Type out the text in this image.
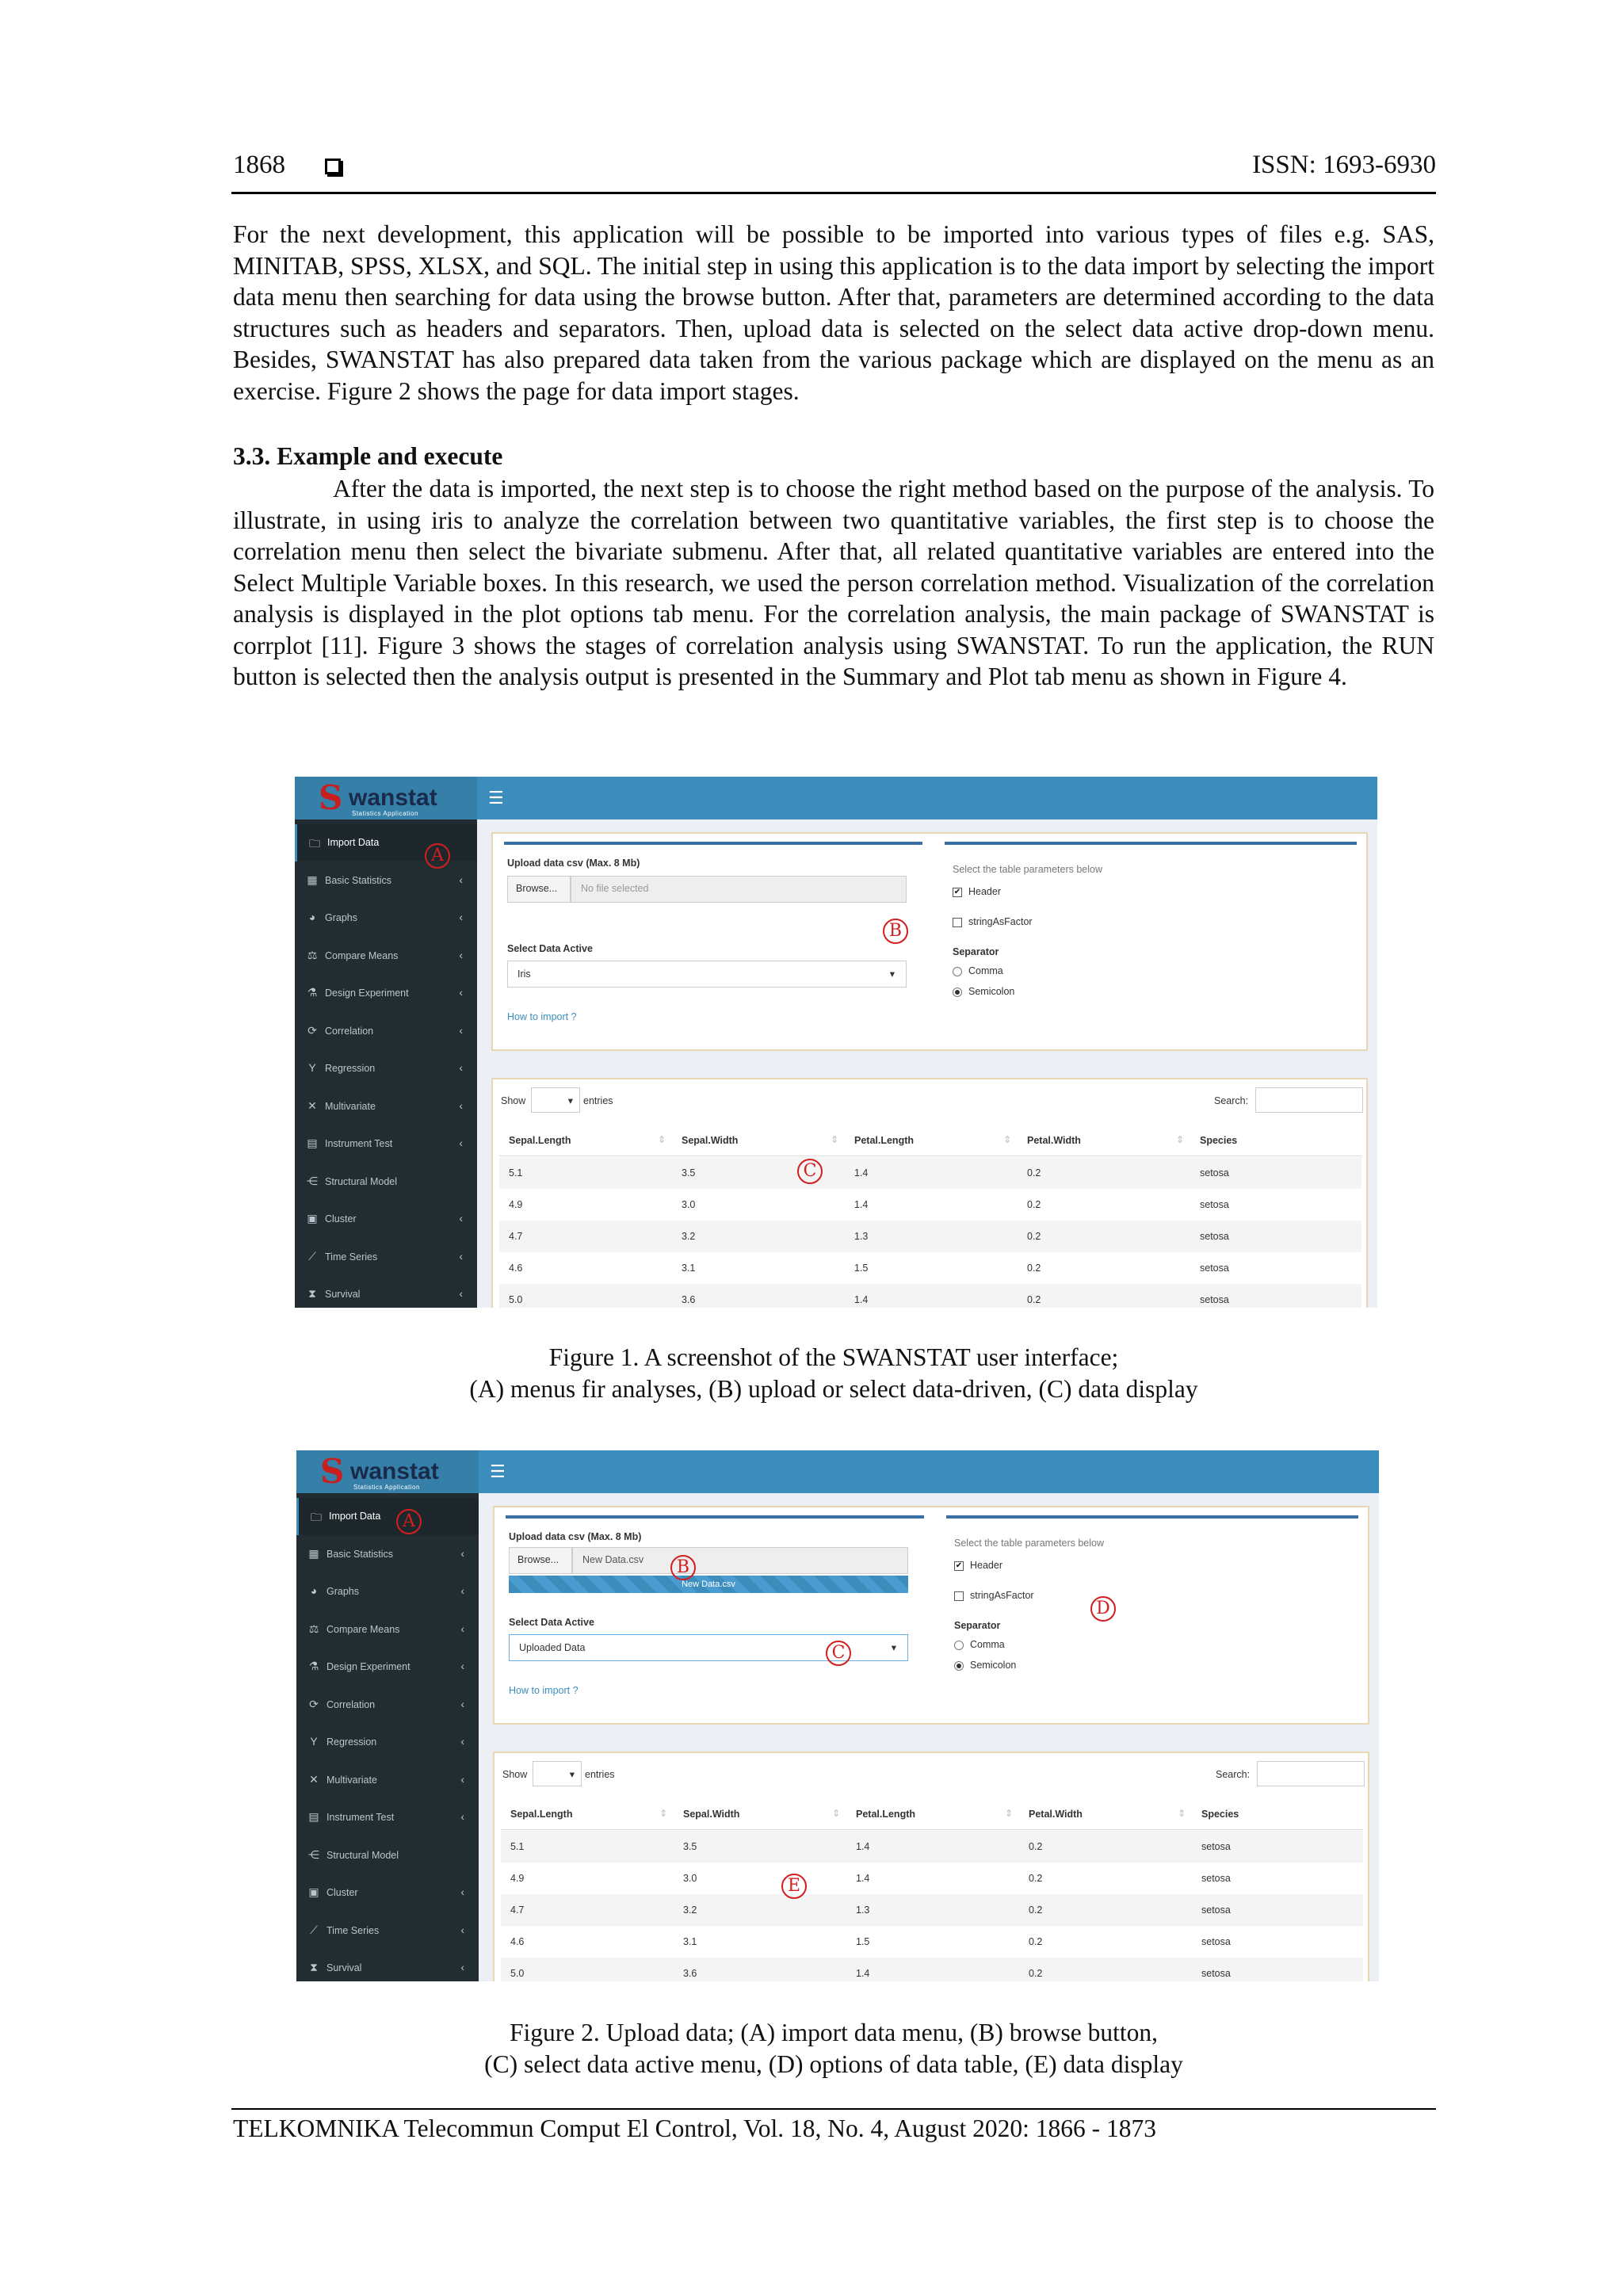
1868	ISSN: 1693-6930

For the next development, this application will be possible to be imported into various types of files e.g. SAS, MINITAB, SPSS, XLSX, and SQL. The initial step in using this application is to the data import by selecting the import data menu then searching for data using the browse button. After that, parameters are determined according to the data structures such as headers and separators. Then, upload data is selected on the select data active drop-down menu. Besides, SWANSTAT has also prepared data taken from the various package which are displayed on the menu as an exercise. Figure 2 shows the page for data import stages.

3.3. Example and execute

After the data is imported, the next step is to choose the right method based on the purpose of the analysis. To illustrate, in using iris to analyze the correlation between two quantitative variables, the first step is to choose the correlation menu then select the bivariate submenu. After that, all related quantitative variables are entered into the Select Multiple Variable boxes. In this research, we used the person correlation method. Visualization of the correlation analysis is displayed in the plot options tab menu. For the correlation analysis, the main package of SWANSTAT is corrplot [11]. Figure 3 shows the stages of correlation analysis using SWANSTAT. To run the application, the RUN button is selected then the analysis output is presented in the Summary and Plot tab menu as shown in Figure 4.

S wanstat
Statistics Application
☰
🗀 Import Data
▦ Basic Statistics	‹
◕ Graphs	‹
⚖ Compare Means	‹
⚗ Design Experiment	‹
⟳ Correlation	‹
Y Regression	‹
✕ Multivariate	‹
▤ Instrument Test	‹
⋲ Structural Model
▣ Cluster	‹
⟋ Time Series	‹
⧗ Survival	‹
Upload data csv (Max. 8 Mb)
Browse...	No file selected
Select Data Active
Iris	▾
How to import ?
Select the table parameters below
✔ Header
stringAsFactor
Separator
Comma
Semicolon
Show	▾ entries	Search:
Sepal.Length	⇕ Sepal.Width	⇕ Petal.Length	⇕ Petal.Width	⇕ Species
5.1	3.5	1.4	0.2	setosa
4.9	3.0	1.4	0.2	setosa
4.7	3.2	1.3	0.2	setosa
4.6	3.1	1.5	0.2	setosa
5.0	3.6	1.4	0.2	setosa
A
B
C
Figure 1. A screenshot of the SWANSTAT user interface;
(A) menus fir analyses, (B) upload or select data-driven, (C) data display
S wanstat
Statistics Application
☰
🗀 Import Data
▦ Basic Statistics	‹
◕ Graphs	‹
⚖ Compare Means	‹
⚗ Design Experiment	‹
⟳ Correlation	‹
Y Regression	‹
✕ Multivariate	‹
▤ Instrument Test	‹
⋲ Structural Model
▣ Cluster	‹
⟋ Time Series	‹
⧗ Survival	‹
Upload data csv (Max. 8 Mb)
Browse...	New Data.csv
New Data.csv
Select Data Active
Uploaded Data	▾
How to import ?
Select the table parameters below
✔ Header
stringAsFactor
Separator
Comma
Semicolon
Show	▾ entries	Search:
Sepal.Length	⇕ Sepal.Width	⇕ Petal.Length	⇕ Petal.Width	⇕ Species
5.1	3.5	1.4	0.2	setosa
4.9	3.0	1.4	0.2	setosa
4.7	3.2	1.3	0.2	setosa
4.6	3.1	1.5	0.2	setosa
5.0	3.6	1.4	0.2	setosa
A
B
C
D
E
Figure 2. Upload data; (A) import data menu, (B) browse button,
(C) select data active menu, (D) options of data table, (E) data display
TELKOMNIKA Telecommun Comput El Control, Vol. 18, No. 4, August 2020: 1866 - 1873
